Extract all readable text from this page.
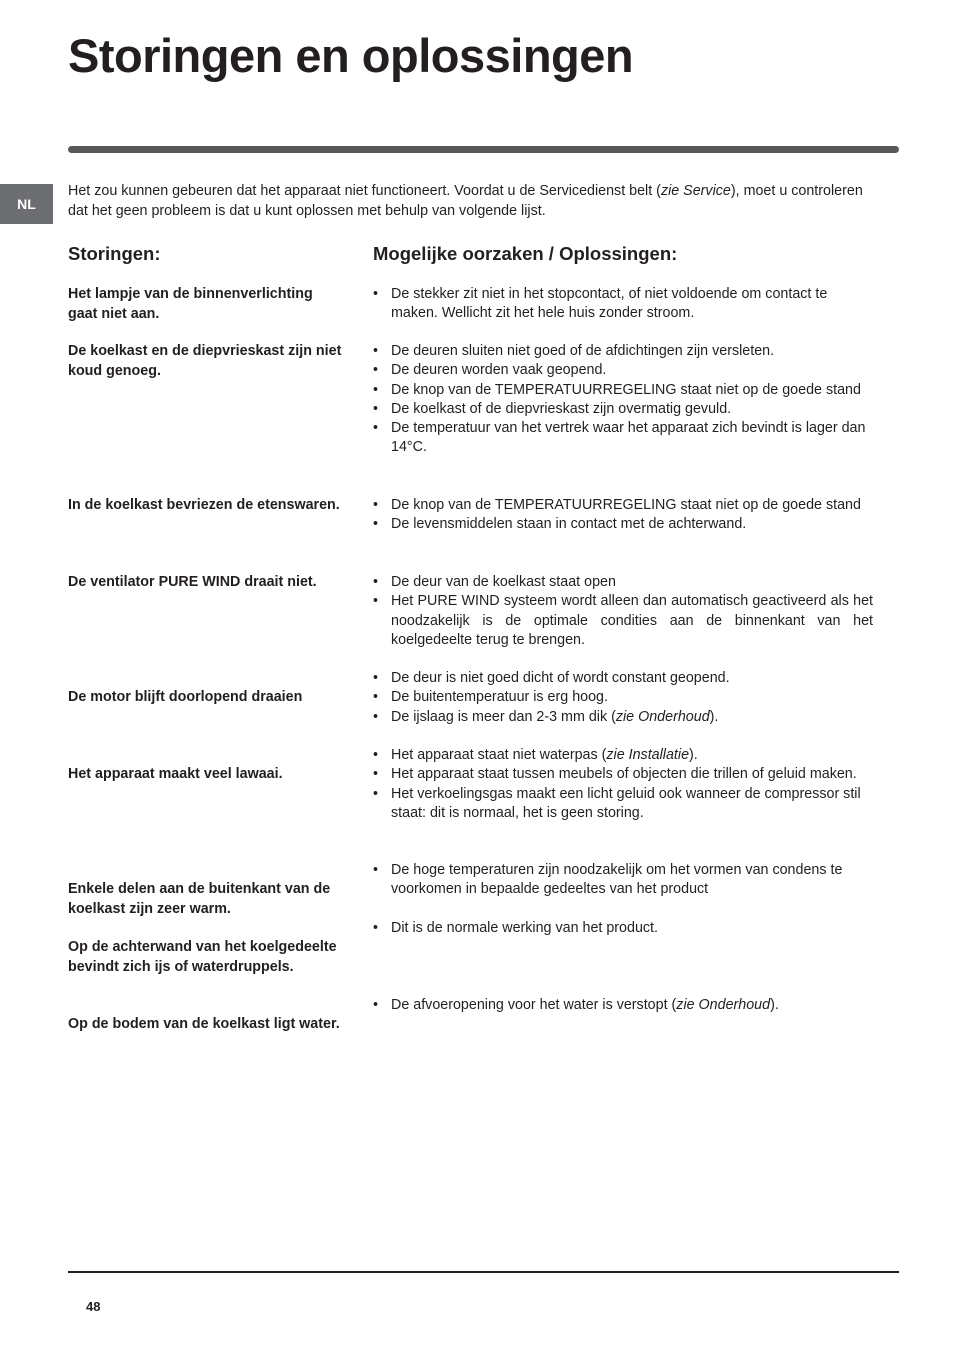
Storingen en oplossingen
NL

Het zou kunnen gebeuren dat het apparaat niet functioneert. Voordat u de Servicedienst belt (zie Service), moet u controleren dat het geen probleem is dat u kunt oplossen met behulp van volgende lijst.

Storingen:	Mogelijke oorzaken / Oplossingen:

Het lampje van de binnenverlichting gaat niet aan.

De koelkast en de diepvrieskast zijn niet koud genoeg.

In de koelkast bevriezen de etenswaren.

De ventilator PURE WIND draait niet.

De motor blijft doorlopend draaien

Het apparaat maakt veel lawaai.

Enkele delen aan de buitenkant van de koelkast zijn zeer warm.

Op de achterwand van het koelgedeelte bevindt zich ijs of waterdruppels.

Op de bodem van de koelkast ligt water.

• De stekker zit niet in het stopcontact, of niet voldoende om contact te maken. Wellicht zit het hele huis zonder stroom.
• De deuren sluiten niet goed of de afdichtingen zijn versleten.
• De deuren worden vaak geopend.
• De knop van de TEMPERATUURREGELING staat niet op de goede stand
• De koelkast of de diepvrieskast zijn overmatig gevuld.
• De temperatuur van het vertrek waar het apparaat zich bevindt is lager dan 14°C.
• De knop van de TEMPERATUURREGELING staat niet op de goede stand
• De levensmiddelen staan in contact met de achterwand.
• De deur van de koelkast staat open
• Het PURE WIND systeem wordt alleen dan automatisch geactiveerd als het noodzakelijk is de optimale condities aan de binnenkant van het koelgedeelte terug te brengen.
• De deur is niet goed dicht of wordt constant geopend.
• De buitentemperatuur is erg hoog.
• De ijslaag is meer dan 2-3 mm dik (zie Onderhoud).
• Het apparaat staat niet waterpas (zie Installatie).
• Het apparaat staat tussen meubels of objecten die trillen of geluid maken.
• Het verkoelingsgas maakt een licht geluid ook wanneer de compressor stil staat: dit is normaal, het is geen storing.
• De hoge temperaturen zijn noodzakelijk om het vormen van condens te voorkomen in bepaalde gedeeltes van het product
• Dit is de normale werking van het product.
• De afvoeropening voor het water is verstopt (zie Onderhoud).

48
